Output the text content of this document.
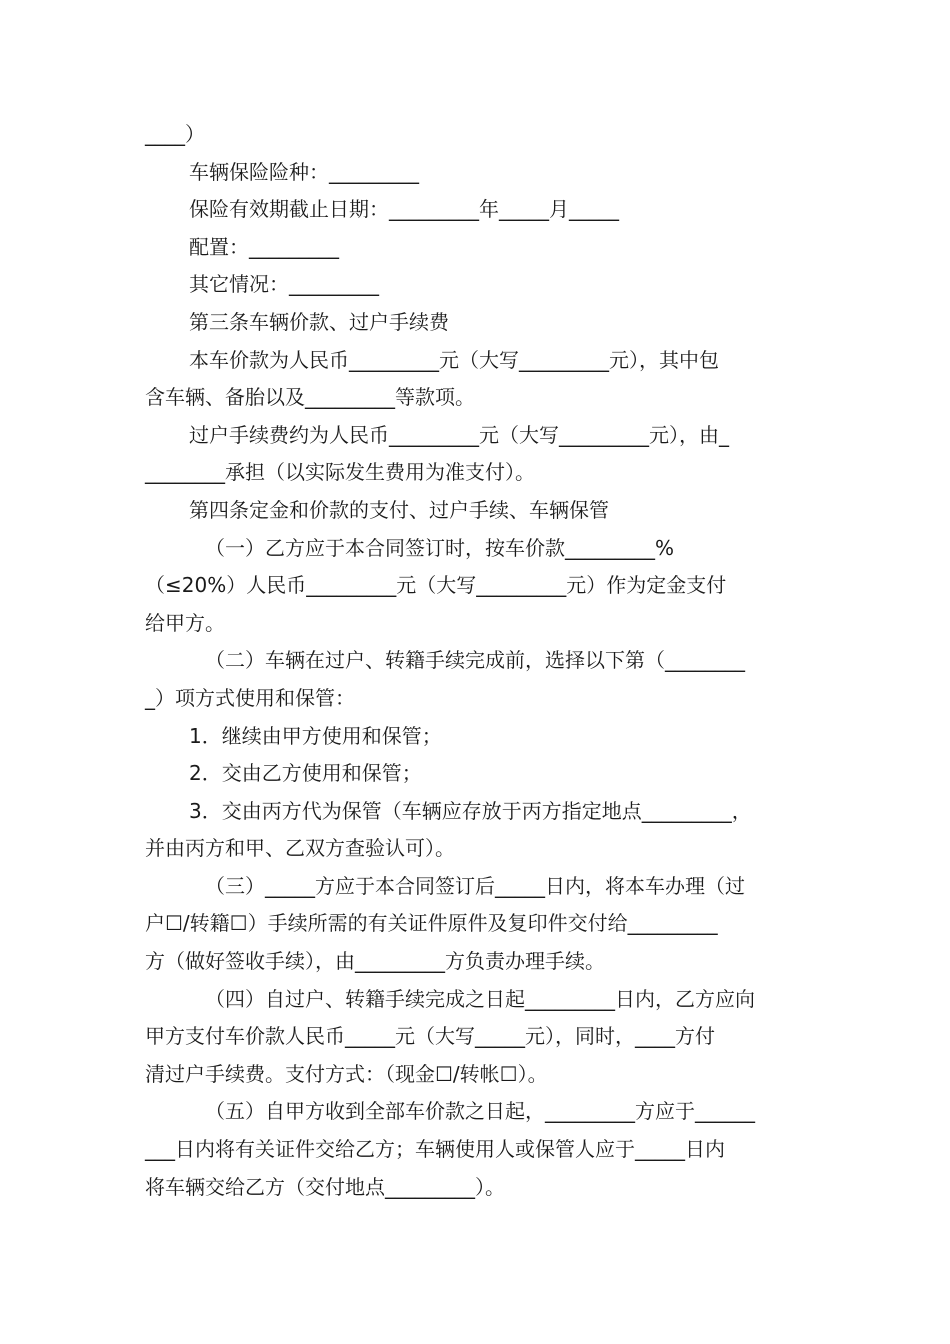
____）

车辆保险险种：_________

保险有效期截止日期：_________年_____月_____

配置：_________

其它情况：_________

第三条车辆价款、过户手续费

本车价款为人民币_________元（大写_________元），其中包

含车辆、备胎以及_________等款项。

过户手续费约为人民币_________元（大写_________元），由_

________承担（以实际发生费用为准支付）。

第四条定金和价款的支付、过户手续、车辆保管

（一）乙方应于本合同签订时，按车价款_________%

（≤20%）人民币_________元（大写_________元）作为定金支付

给甲方。

（二）车辆在过户、转籍手续完成前，选择以下第（________

_）项方式使用和保管：

1．继续由甲方使用和保管；

2．交由乙方使用和保管；

3．交由丙方代为保管（车辆应存放于丙方指定地点_________，

并由丙方和甲、乙双方查验认可）。

（三）_____方应于本合同签订后_____日内，将本车办理（过

户☐/转籍☐）手续所需的有关证件原件及复印件交付给_________

方（做好签收手续），由_________方负责办理手续。

（四）自过户、转籍手续完成之日起_________日内，乙方应向

甲方支付车价款人民币_____元（大写_____元），同时，____方付

清过户手续费。支付方式：（现金☐/转帐☐）。

（五）自甲方收到全部车价款之日起，_________方应于______

___日内将有关证件交给乙方；车辆使用人或保管人应于_____日内

将车辆交给乙方（交付地点_________）。
